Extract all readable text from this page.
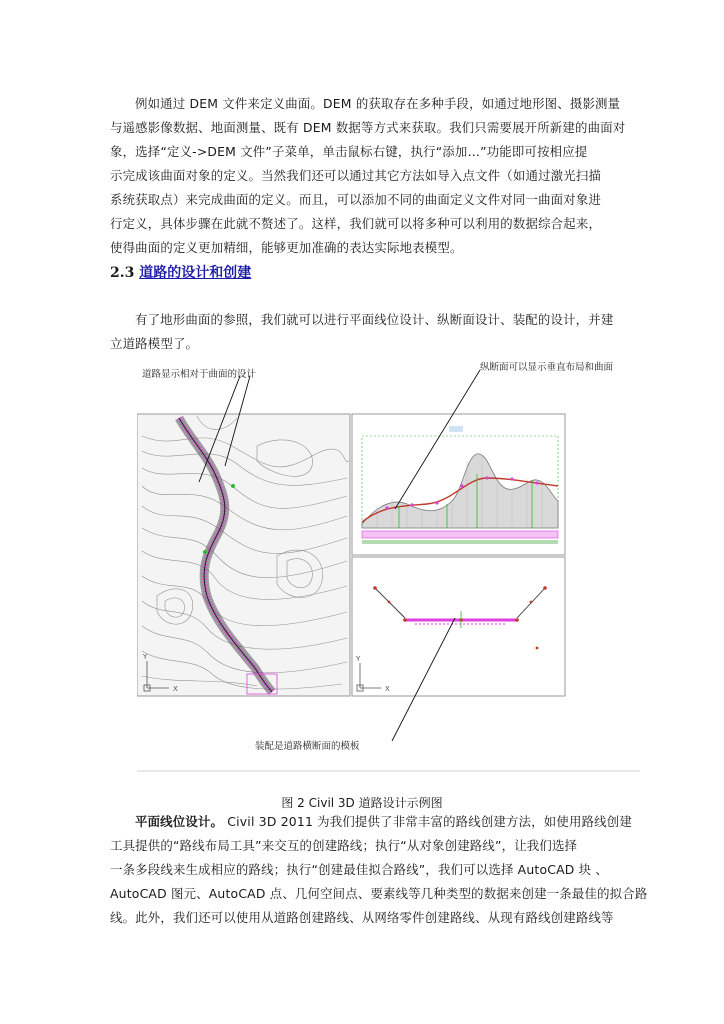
例如通过 DEM 文件来定义曲面。DEM 的获取存在多种手段，如通过地形图、摄影测量
与遥感影像数据、地面测量、既有 DEM 数据等方式来获取。我们只需要展开所新建的曲面对
象，选择“定义->DEM 文件”子菜单，单击鼠标右键，执行“添加…”功能即可按相应提
示完成该曲面对象的定义。当然我们还可以通过其它方法如导入点文件（如通过激光扫描
系统获取点）来完成曲面的定义。而且，可以添加不同的曲面定义文件对同一曲面对象进
行定义，具体步骤在此就不赘述了。这样，我们就可以将多种可以利用的数据综合起来，
使得曲面的定义更加精细，能够更加准确的表达实际地表模型。
2.3 道路的设计和创建
有了地形曲面的参照，我们就可以进行平面线位设计、纵断面设计、装配的设计，并建
立道路模型了。
Y
X
Y
X
道路显示相对于曲面的设计
纵断面可以显示垂直布局和曲面
装配是道路横断面的模板
图 2 Civil 3D 道路设计示例图
平面线位设计。 Civil 3D 2011 为我们提供了非常丰富的路线创建方法，如使用路线创建
工具提供的“路线布局工具”来交互的创建路线；执行“从对象创建路线”，让我们选择
一条多段线来生成相应的路线；执行“创建最佳拟合路线”，我们可以选择 AutoCAD 块 、
AutoCAD 图元、AutoCAD 点、几何空间点、要素线等几种类型的数据来创建一条最佳的拟合路
线。此外，我们还可以使用从道路创建路线、从网络零件创建路线、从现有路线创建路线等
